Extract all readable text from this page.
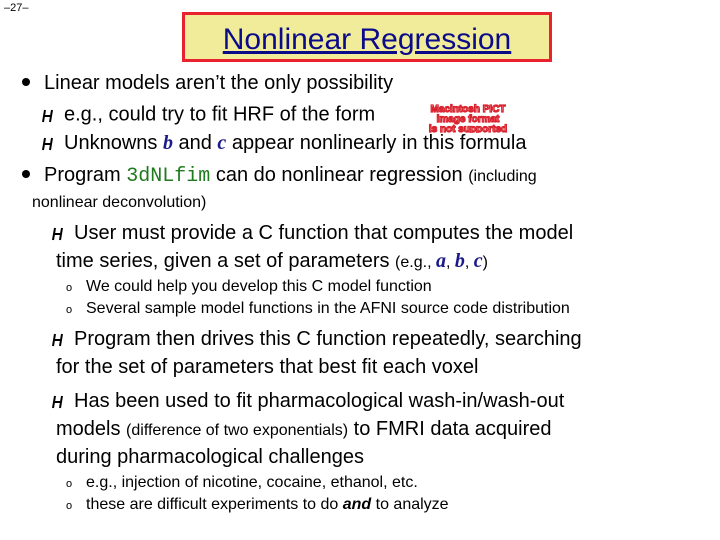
–27–
Nonlinear Regression
Linear models aren’t the only possibility
e.g., could try to fit HRF of the form	Macintosh PICT
image format
is not supported
Unknowns b and c appear nonlinearly in this formula
Program 3dNLfim can do nonlinear regression (including
nonlinear deconvolution)
User must provide a C function that computes the model
time series, given a set of parameters (e.g., a, b, c)
o We could help you develop this C model function
o Several sample model functions in the AFNI source code distribution
Program then drives this C function repeatedly, searching
for the set of parameters that best fit each voxel
Has been used to fit pharmacological wash-in/wash-out
models (difference of two exponentials) to FMRI data acquired
during pharmacological challenges
o e.g., injection of nicotine, cocaine, ethanol, etc.
o these are difficult experiments to do and to analyze
